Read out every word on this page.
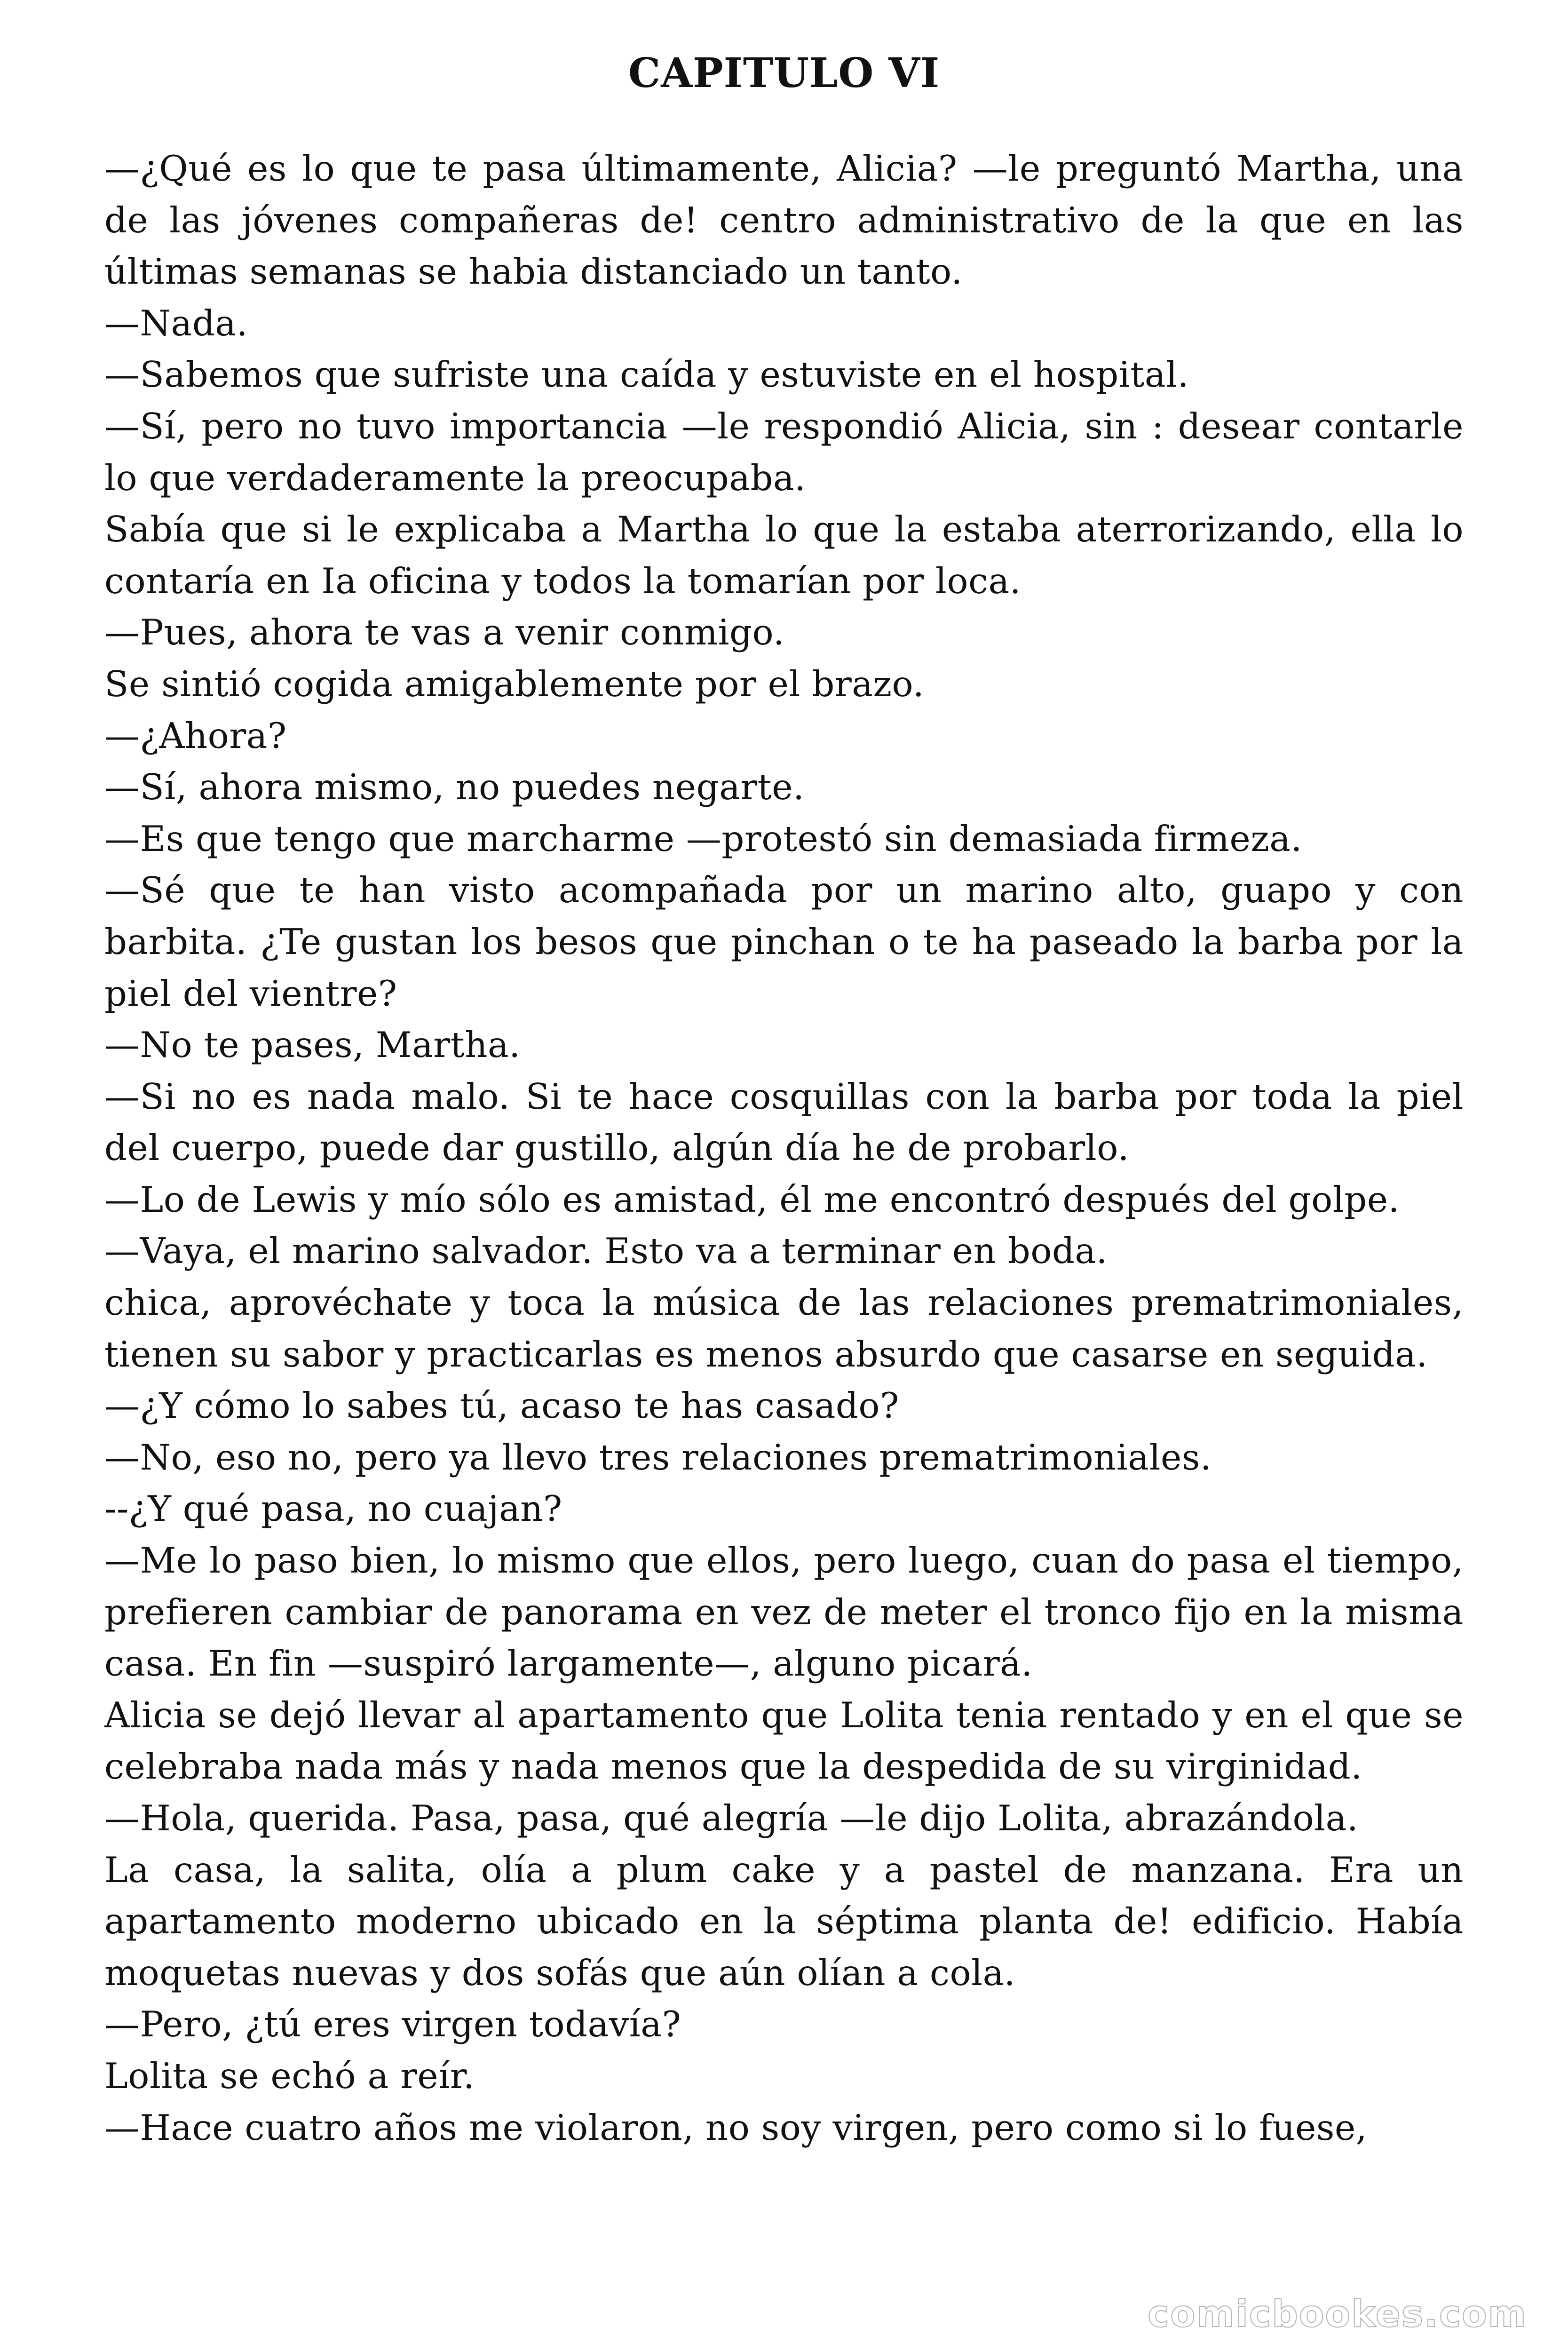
CAPITULO VI

—¿Qué es lo que te pasa últimamente, Alicia? —le preguntó Martha, una de las jóvenes compañeras de! centro administrativo de la que en las últimas semanas se habia distanciado un tanto.

—Nada.

—Sabemos que sufriste una caída y estuviste en el hospital.

—Sí, pero no tuvo importancia —le respondió Alicia, sin : desear contarle lo que verdaderamente la preocupaba.

Sabía que si le explicaba a Martha lo que la estaba aterrorizando, ella lo contaría en Ia oficina y todos la tomarían por loca.

—Pues, ahora te vas a venir conmigo.

Se sintió cogida amigablemente por el brazo.

—¿Ahora?

—Sí, ahora mismo, no puedes negarte.

—Es que tengo que marcharme —protestó sin demasiada firmeza.

—Sé que te han visto acompañada por un marino alto, guapo y con barbita. ¿Te gustan los besos que pinchan o te ha paseado la barba por la piel del vientre?

—No te pases, Martha.

—Si no es nada malo. Si te hace cosquillas con la barba por toda la piel del cuerpo, puede dar gustillo, algún día he de probarlo.

—Lo de Lewis y mío sólo es amistad, él me encontró después del golpe.

—Vaya, el marino salvador. Esto va a terminar en boda.

chica, aprovéchate y toca la música de las relaciones prematrimoniales, tienen su sabor y practicarlas es menos absurdo que casarse en seguida.

—¿Y cómo lo sabes tú, acaso te has casado?

—No, eso no, pero ya llevo tres relaciones prematrimoniales.

--¿Y qué pasa, no cuajan?

—Me lo paso bien, lo mismo que ellos, pero luego, cuan do pasa el tiempo, prefieren cambiar de panorama en vez de meter el tronco fijo en la misma casa. En fin —suspiró largamente—, alguno picará.

Alicia se dejó llevar al apartamento que Lolita tenia rentado y en el que se celebraba nada más y nada menos que la despedida de su virginidad.

—Hola, querida. Pasa, pasa, qué alegría —le dijo Lolita, abrazándola.

La casa, la salita, olía a plum cake y a pastel de manzana. Era un apartamento moderno ubicado en la séptima planta de! edificio. Había moquetas nuevas y dos sofás que aún olían a cola.

—Pero, ¿tú eres virgen todavía?

Lolita se echó a reír.

—Hace cuatro años me violaron, no soy virgen, pero como si lo fuese,

comicbookes.com
